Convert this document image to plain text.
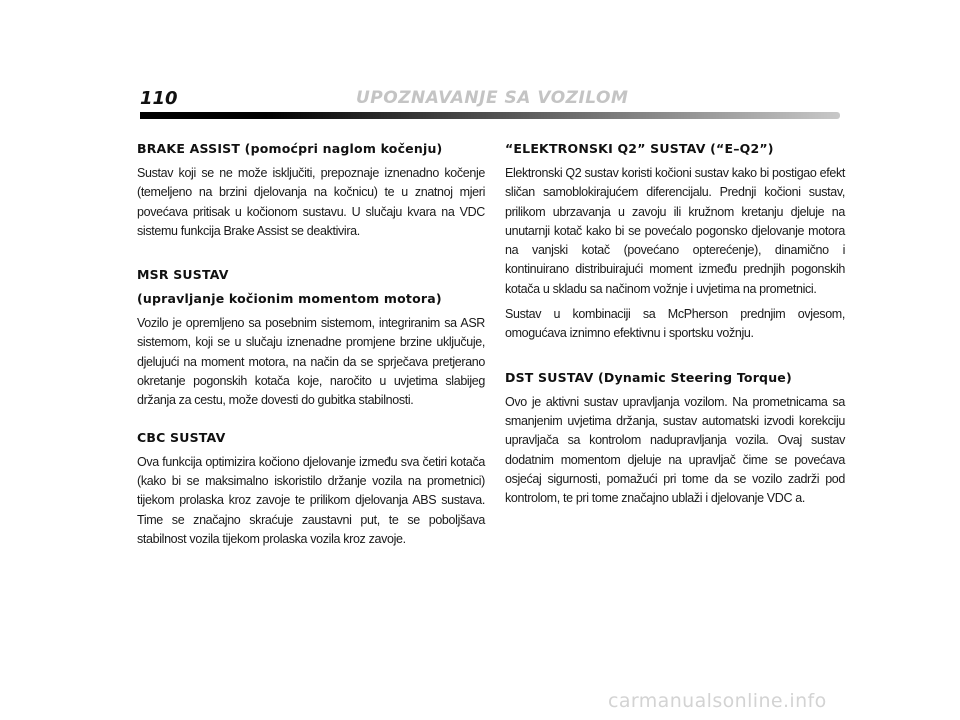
110	UPOZNAVANJE SA VOZILOM
BRAKE ASSIST (pomoćpri naglom kočenju)

Sustav koji se ne može isključiti, prepoznaje iznenadno kočenje (temeljeno na brzini djelovanja na kočnicu) te u znatnoj mjeri povećava pritisak u kočionom sustavu. U slučaju kvara na VDC sistemu funkcija Brake Assist se deaktivira.

MSR SUSTAV
(upravljanje kočionim momentom motora)

Vozilo je opremljeno sa posebnim sistemom, integriranim sa ASR sistemom, koji se u slučaju iznenadne promjene brzine uključuje, djelujući na moment motora, na način da se sprječava pretjerano okretanje pogonskih kotača koje, naročito u uvjetima slabijeg držanja za cestu, može dovesti do gubitka stabilnosti.

CBC SUSTAV

Ova funkcija optimizira kočiono djelovanje između sva četiri kotača (kako bi se maksimalno iskoristilo držanje vozila na prometnici) tijekom prolaska kroz zavoje te prilikom djelovanja ABS sustava. Time se značajno skraćuje zaustavni put, te se poboljšava stabilnost vozila tijekom prolaska vozila kroz zavoje.

“ELEKTRONSKI Q2” SUSTAV (“E–Q2”)

Elektronski Q2 sustav koristi kočioni sustav kako bi postigao efekt sličan samoblokirajućem diferencijalu. Prednji kočioni sustav, prilikom ubrzavanja u zavoju ili kružnom kretanju djeluje na unutarnji kotač kako bi se povećalo pogonsko djelovanje motora na vanjski kotač (povećano opterećenje), dinamično i kontinuirano distribuirajući moment između prednjih pogonskih kotača u skladu sa načinom vožnje i uvjetima na prometnici.

Sustav u kombinaciji sa McPherson prednjim ovjesom, omogućava iznimno efektivnu i sportsku vožnju.

DST SUSTAV (Dynamic Steering Torque)

Ovo je aktivni sustav upravljanja vozilom. Na prometnicama sa smanjenim uvjetima držanja, sustav automatski izvodi korekciju upravljača sa kontrolom nadupravljanja vozila. Ovaj sustav dodatnim momentom djeluje na upravljač čime se povećava osjećaj sigurnosti, pomažući pri tome da se vozilo zadrži pod kontrolom, te pri tome značajno ublaži i djelovanje VDC a.

carmanualsonline.info
